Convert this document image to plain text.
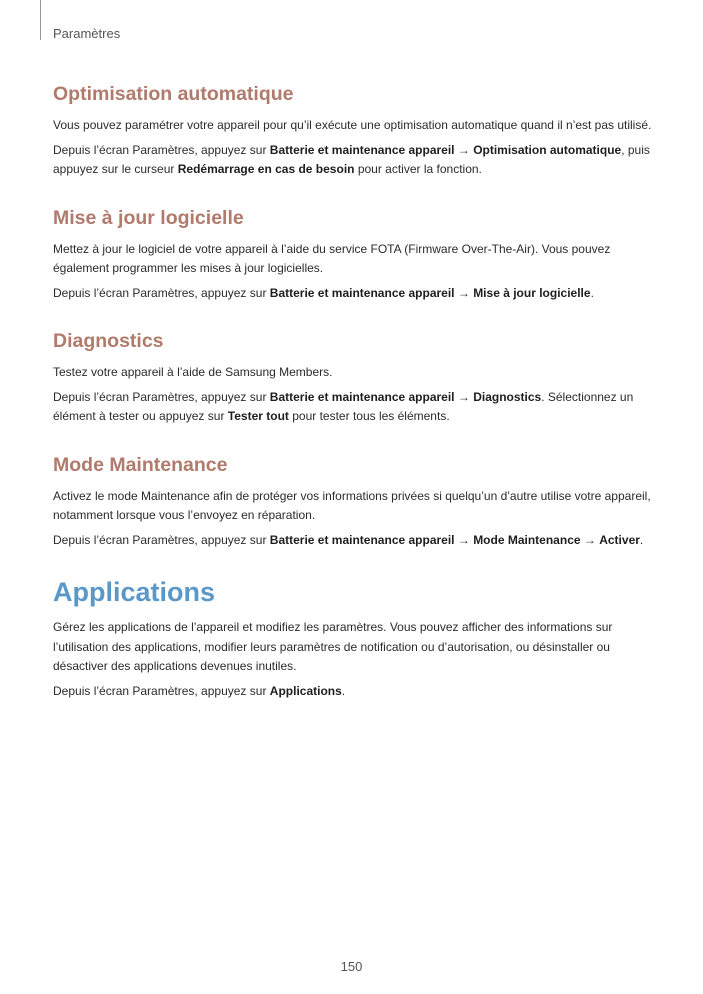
Paramètres
Optimisation automatique

Vous pouvez paramétrer votre appareil pour qu’il exécute une optimisation automatique quand il n’est pas utilisé.

Depuis l’écran Paramètres, appuyez sur Batterie et maintenance appareil → Optimisation automatique, puis appuyez sur le curseur Redémarrage en cas de besoin pour activer la fonction.

Mise à jour logicielle

Mettez à jour le logiciel de votre appareil à l’aide du service FOTA (Firmware Over-The-Air). Vous pouvez également programmer les mises à jour logicielles.

Depuis l’écran Paramètres, appuyez sur Batterie et maintenance appareil → Mise à jour logicielle.

Diagnostics

Testez votre appareil à l’aide de Samsung Members.

Depuis l’écran Paramètres, appuyez sur Batterie et maintenance appareil → Diagnostics. Sélectionnez un élément à tester ou appuyez sur Tester tout pour tester tous les éléments.

Mode Maintenance

Activez le mode Maintenance afin de protéger vos informations privées si quelqu’un d’autre utilise votre appareil, notamment lorsque vous l’envoyez en réparation.

Depuis l’écran Paramètres, appuyez sur Batterie et maintenance appareil → Mode Maintenance → Activer.

Applications

Gérez les applications de l’appareil et modifiez les paramètres. Vous pouvez afficher des informations sur l’utilisation des applications, modifier leurs paramètres de notification ou d’autorisation, ou désinstaller ou désactiver des applications devenues inutiles.

Depuis l’écran Paramètres, appuyez sur Applications.

150
